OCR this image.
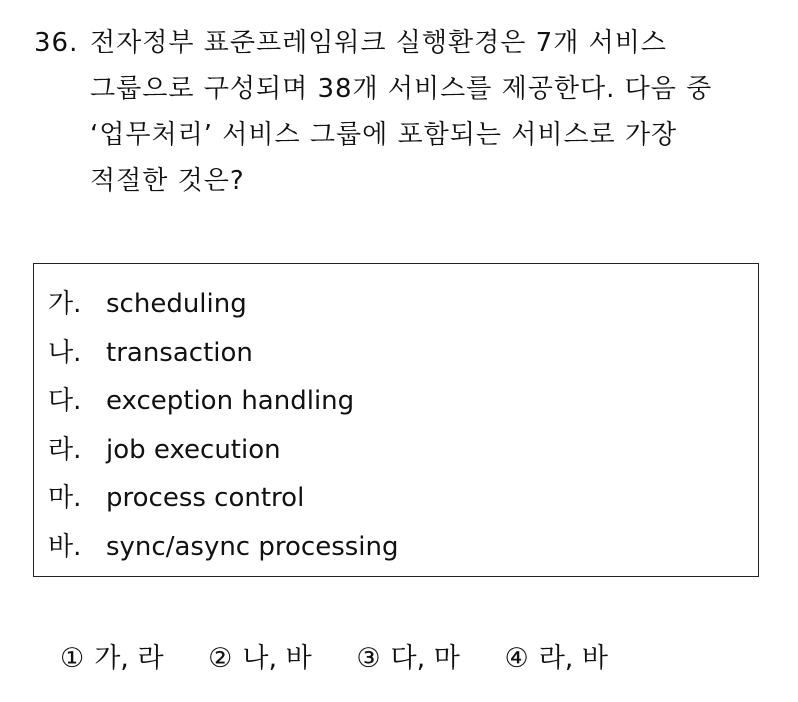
36. 전자정부 표준프레임워크 실행환경은 7개 서비스
그룹으로 구성되며 38개 서비스를 제공한다. 다음 중
‘업무처리’ 서비스 그룹에 포함되는 서비스로 가장
적절한 것은?
가. scheduling
나. transaction
다. exception handling
라. job execution
마. process control
바. sync/async processing
① 가, 라 ② 나, 바 ③ 다, 마 ④ 라, 바
